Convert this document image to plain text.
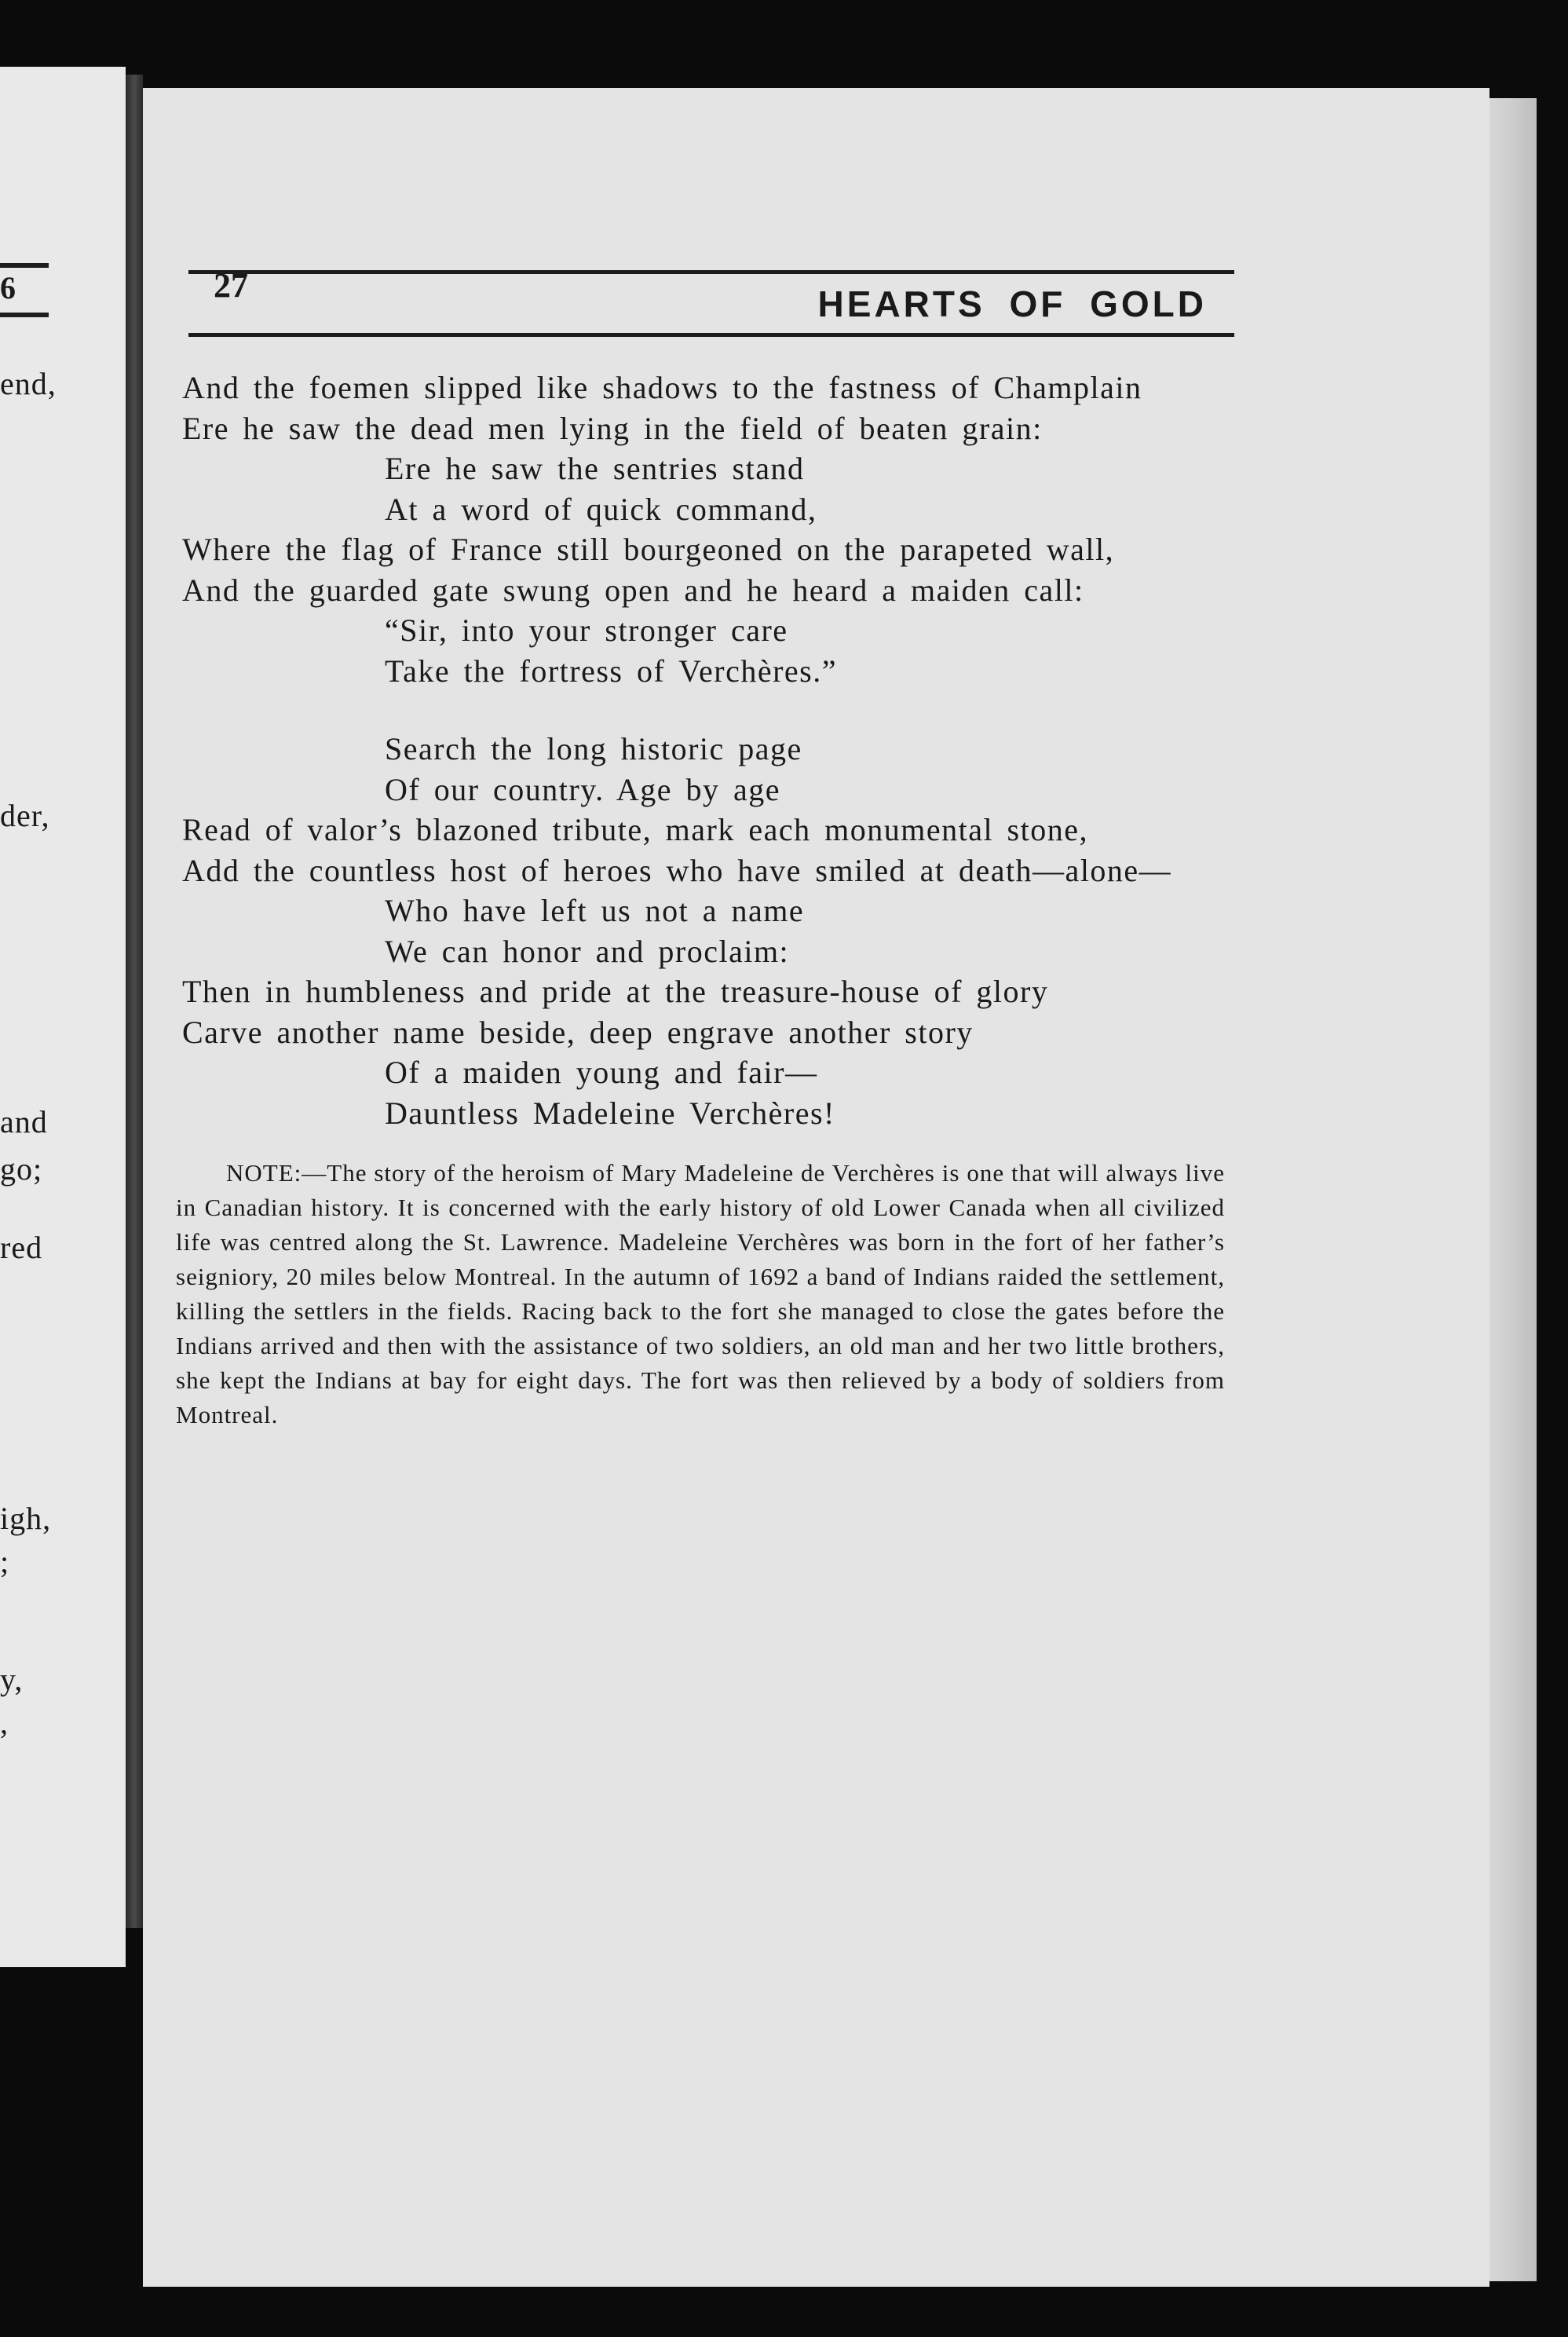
6
end,
der,
and
go;
red
igh,
;
y,
,
27	HEARTS OF GOLD
And the foemen slipped like shadows to the fastness of Champlain
Ere he saw the dead men lying in the field of beaten grain:
Ere he saw the sentries stand
At a word of quick command,
Where the flag of France still bourgeoned on the parapeted wall,
And the guarded gate swung open and he heard a maiden call:
“Sir, into your stronger care
Take the fortress of Verchères.”
Search the long historic page
Of our country. Age by age
Read of valor’s blazoned tribute, mark each monumental stone,
Add the countless host of heroes who have smiled at death—alone—
Who have left us not a name
We can honor and proclaim:
Then in humbleness and pride at the treasure-house of glory
Carve another name beside, deep engrave another story
Of a maiden young and fair—
Dauntless Madeleine Verchères!
NOTE:—The story of the heroism of Mary Madeleine de Verchères is one that will always live in Canadian history. It is concerned with the early history of old Lower Canada when all civilized life was centred along the St. Lawrence. Madeleine Verchères was born in the fort of her father’s seigniory, 20 miles below Montreal. In the autumn of 1692 a band of Indians raided the settlement, killing the settlers in the fields. Racing back to the fort she managed to close the gates before the Indians arrived and then with the assistance of two soldiers, an old man and her two little brothers, she kept the Indians at bay for eight days. The fort was then relieved by a body of soldiers from Montreal.
